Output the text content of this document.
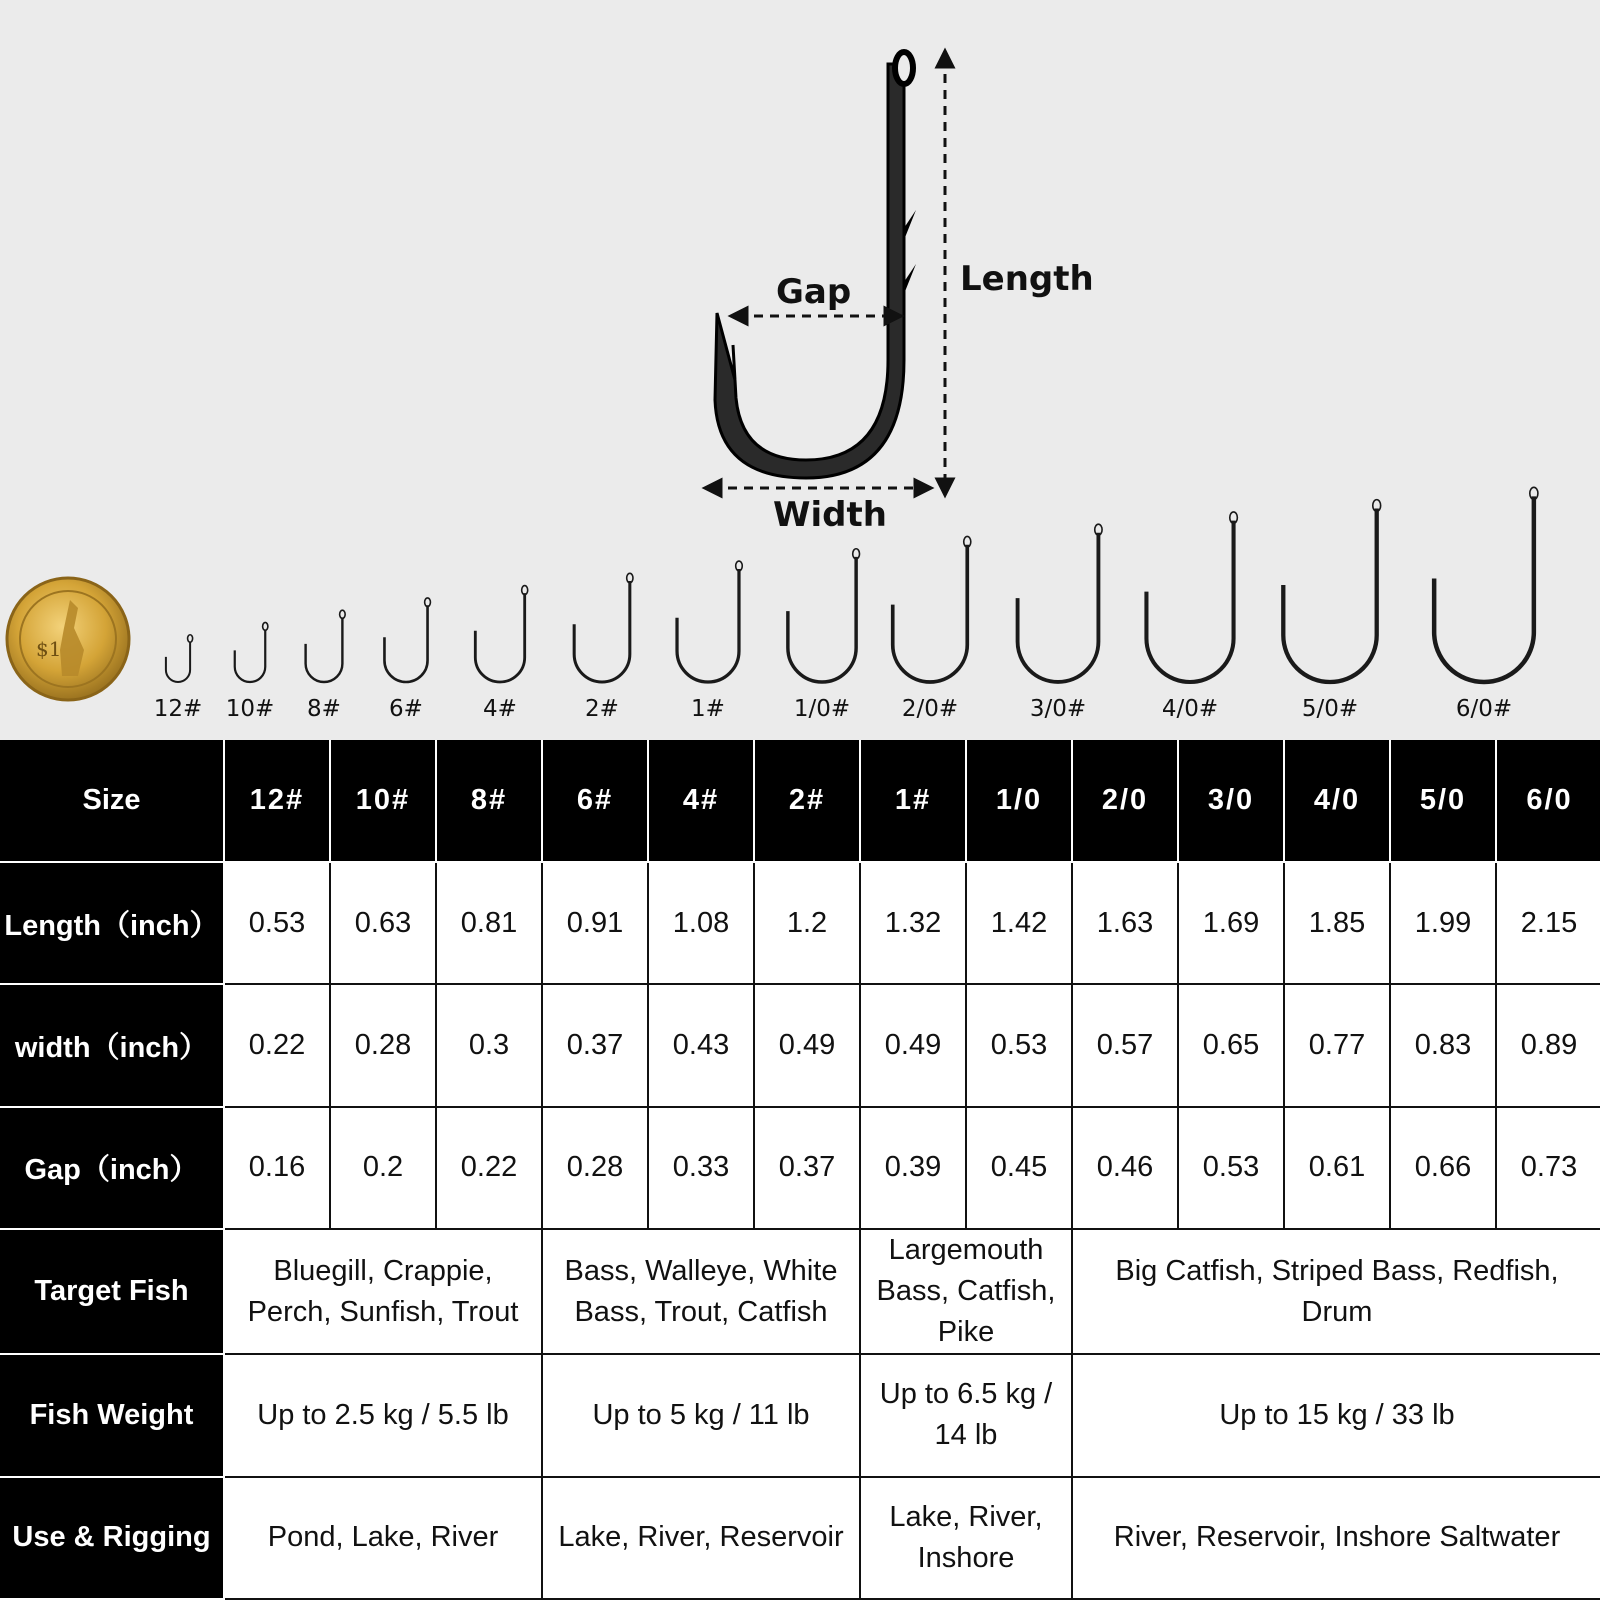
Length
Gap
Width
$1
12# 10# 8# 6#	4#	2#	1#	1/0# 2/0#	3/0#	4/0#	5/0#	6/0#
Size	12#	10#	8#	6#	4#	2#	1#	1/0	2/0	3/0	4/0	5/0	6/0
Length（inch）	0.53	0.63	0.81	0.91	1.08	1.2	1.32	1.42	1.63	1.69	1.85	1.99	2.15
width（inch）	0.22	0.28	0.3	0.37	0.43	0.49	0.49	0.53	0.57	0.65	0.77	0.83	0.89
Gap（inch）	0.16	0.2	0.22	0.28	0.33	0.37	0.39	0.45	0.46	0.53	0.61	0.66	0.73
Target Fish	Bluegill, Crappie, Perch, Sunfish, Trout			Bass, Walleye, White Bass, Trout, Catfish			Largemouth Bass, Catfish, Pike		Big Catfish, Striped Bass, Redfish, Drum				
Fish Weight	Up to 2.5 kg / 5.5 lb			Up to 5 kg / 11 lb			Up to 6.5 kg / 14 lb		Up to 15 kg / 33 lb				
Use & Rigging	Pond, Lake, River			Lake, River, Reservoir			Lake, River, Inshore		River, Reservoir, Inshore Saltwater				
